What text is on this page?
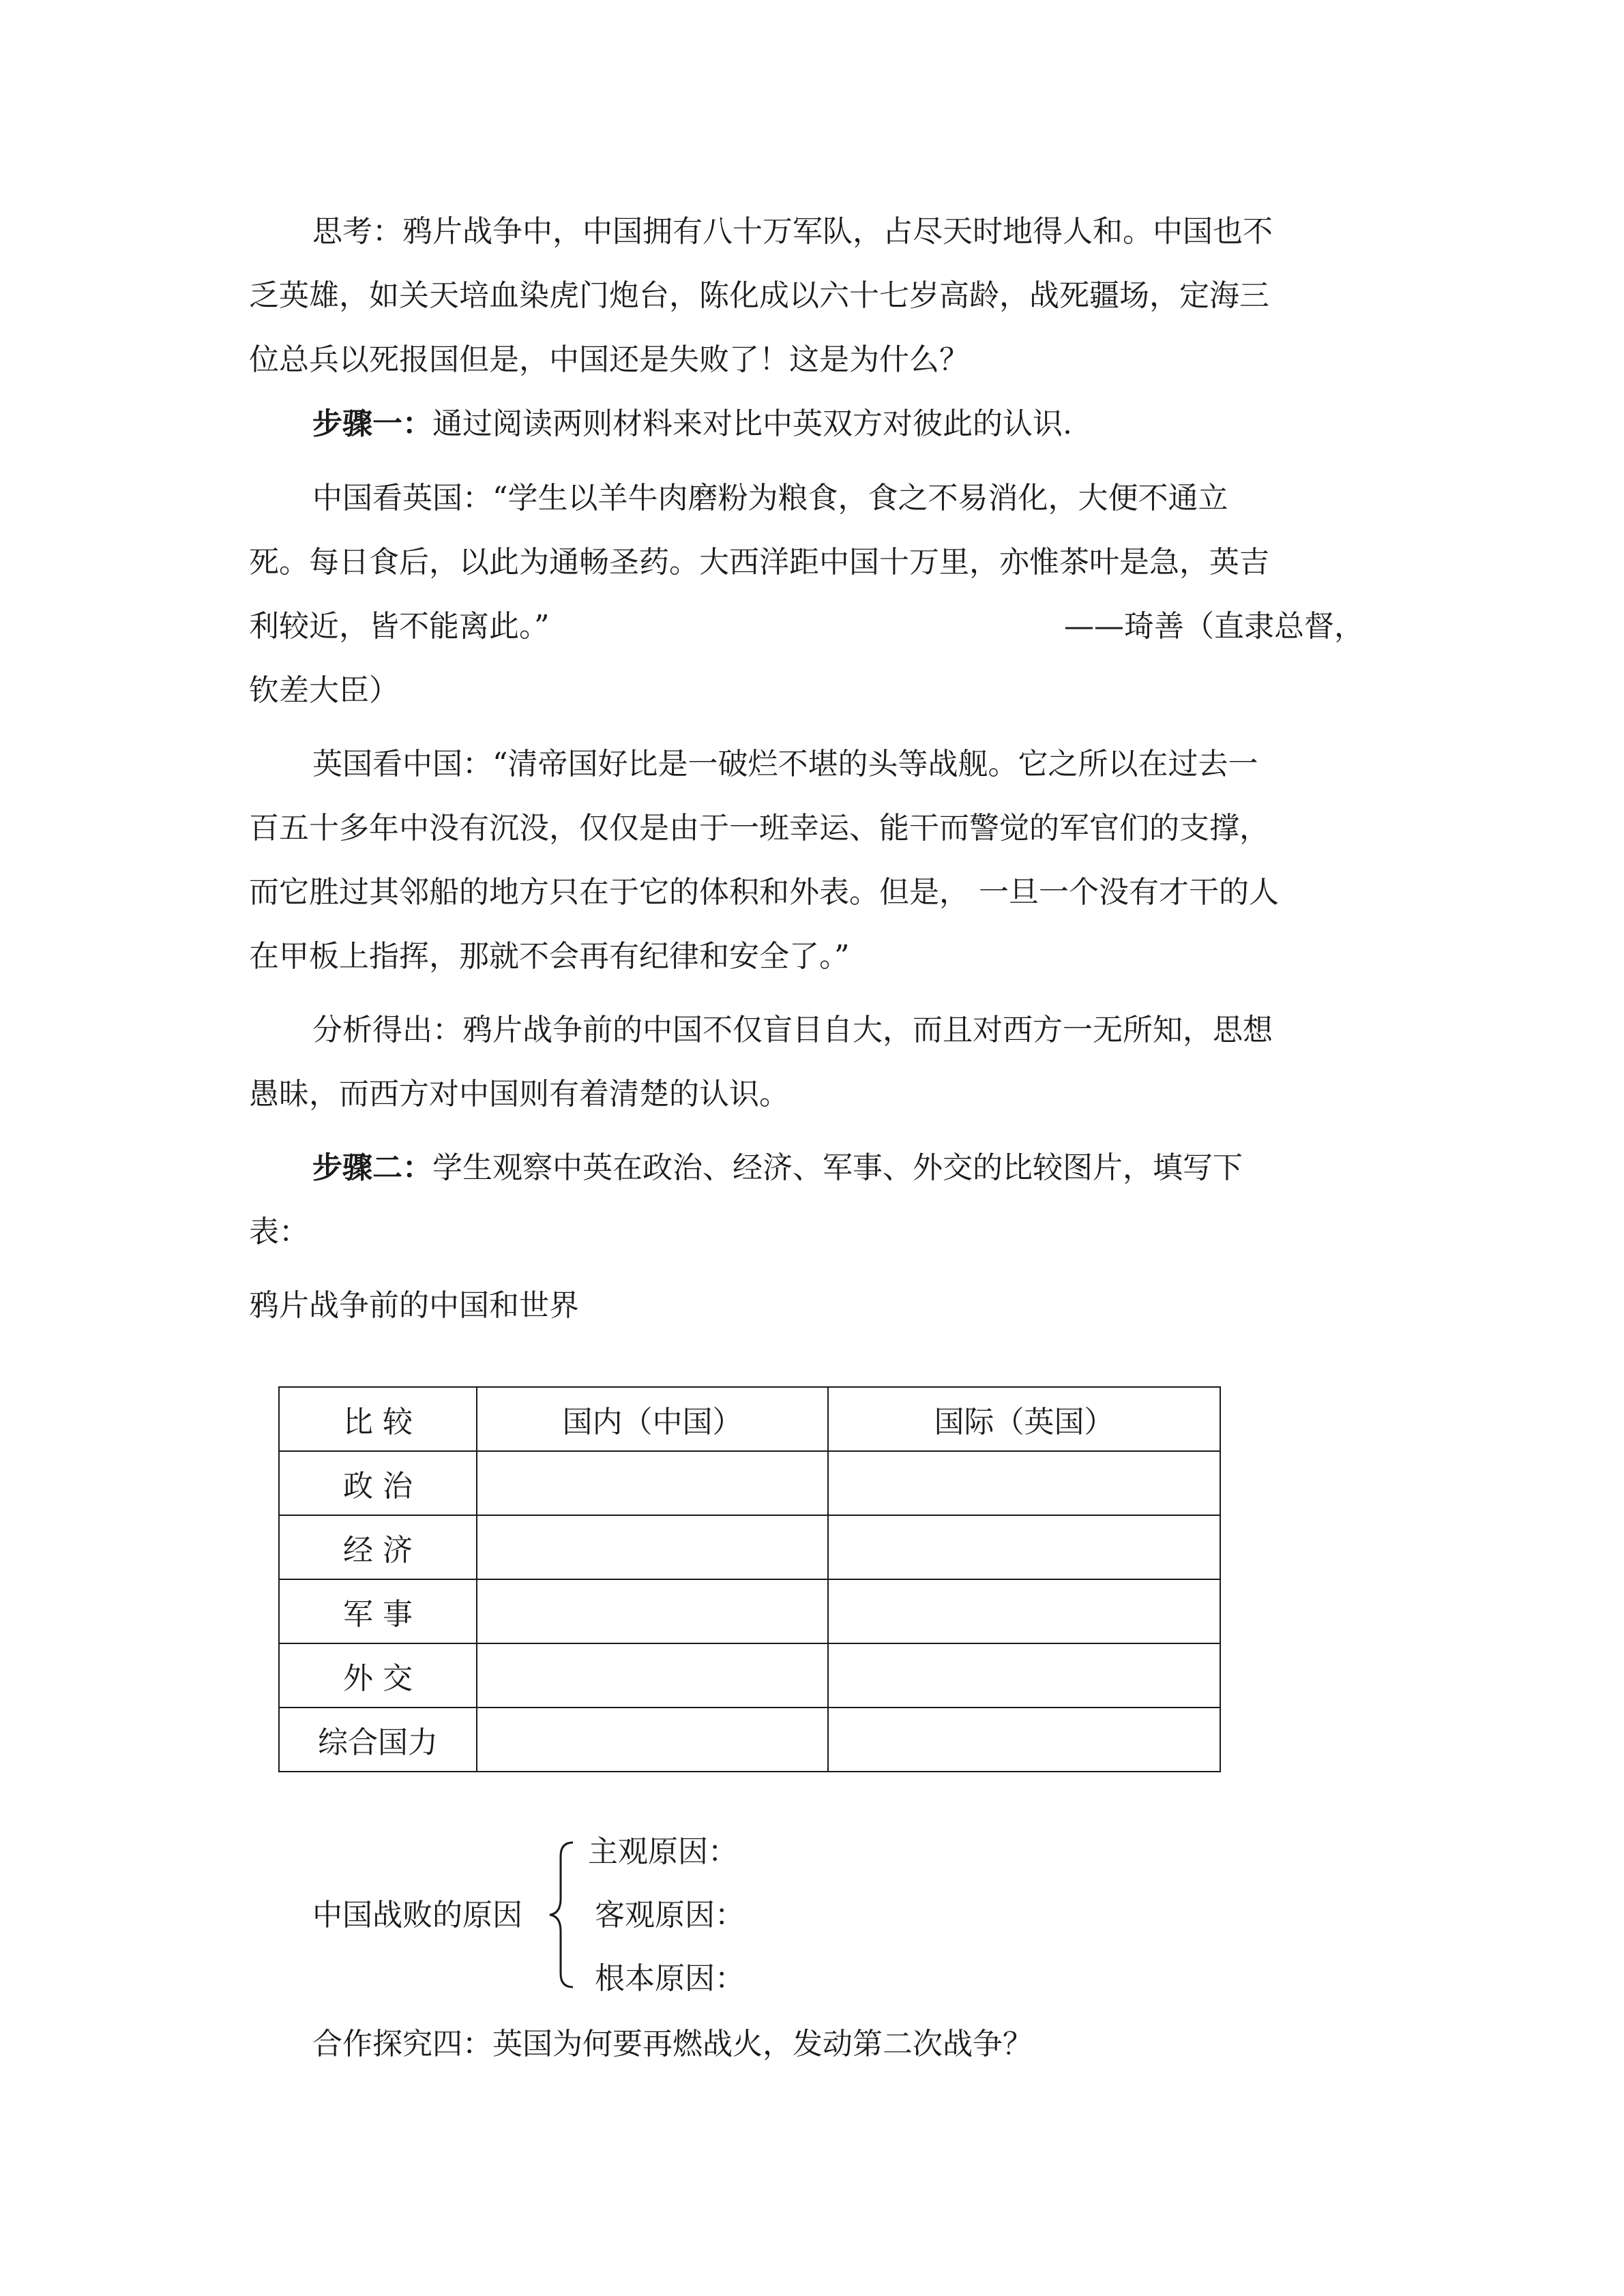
思考：鸦片战争中，中国拥有八十万军队，占尽天时地得人和。中国也不
乏英雄，如关天培血染虎门炮台，陈化成以六十七岁高龄，战死疆场，定海三
位总兵以死报国但是，中国还是失败了！这是为什么？
步骤一：通过阅读两则材料来对比中英双方对彼此的认识.
中国看英国：“学生以羊牛肉磨粉为粮食，食之不易消化，大便不通立
死。每日食后，以此为通畅圣药。大西洋距中国十万里，亦惟茶叶是急，英吉
利较近，皆不能离此。”	——琦善（直隶总督，
钦差大臣）
英国看中国：“清帝国好比是一破烂不堪的头等战舰。它之所以在过去一
百五十多年中没有沉没，仅仅是由于一班幸运、能干而警觉的军官们的支撑，
而它胜过其邻船的地方只在于它的体积和外表。但是， 一旦一个没有才干的人
在甲板上指挥，那就不会再有纪律和安全了。”
分析得出：鸦片战争前的中国不仅盲目自大，而且对西方一无所知，思想
愚昧，而西方对中国则有着清楚的认识。
步骤二：学生观察中英在政治、经济、军事、外交的比较图片，填写下
表：
鸦片战争前的中国和世界
比 较	国内（中国）	国际（英国）
政 治		
经 济		
军 事		
外 交		
综合国力		
中国战败的原因
主观原因：
客观原因：
根本原因：
合作探究四：英国为何要再燃战火，发动第二次战争？
